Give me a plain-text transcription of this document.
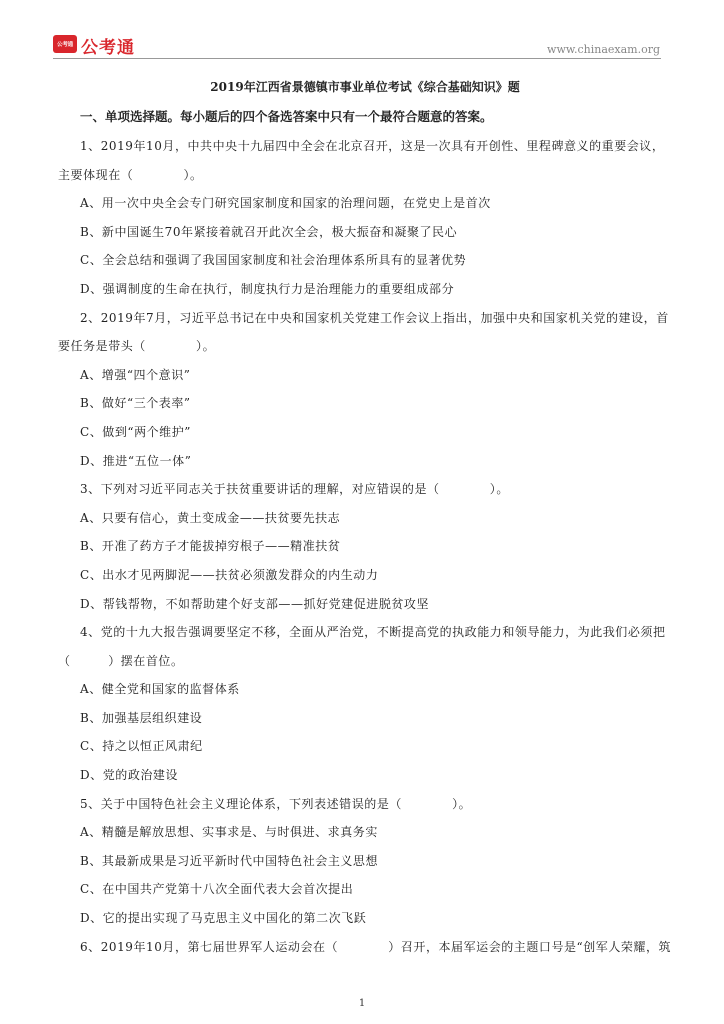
公考通 公考通	www.chinaexam.org

2019年江西省景德镇市事业单位考试《综合基础知识》题

一、单项选择题。每小题后的四个备选答案中只有一个最符合题意的答案。

1、2019年10月，中共中央十九届四中全会在北京召开，这是一次具有开创性、里程碑意义的重要会议，主要体现在（　　　　）。

A、用一次中央全会专门研究国家制度和国家的治理问题，在党史上是首次

B、新中国诞生70年紧接着就召开此次全会，极大振奋和凝聚了民心

C、全会总结和强调了我国国家制度和社会治理体系所具有的显著优势

D、强调制度的生命在执行，制度执行力是治理能力的重要组成部分

2、2019年7月，习近平总书记在中央和国家机关党建工作会议上指出，加强中央和国家机关党的建设，首要任务是带头（　　　　）。

A、增强“四个意识”

B、做好“三个表率”

C、做到“两个维护”

D、推进“五位一体”

3、下列对习近平同志关于扶贫重要讲话的理解，对应错误的是（　　　　）。

A、只要有信心，黄土变成金——扶贫要先扶志

B、开准了药方子才能拔掉穷根子——精准扶贫

C、出水才见两脚泥——扶贫必须激发群众的内生动力

D、帮钱帮物，不如帮助建个好支部——抓好党建促进脱贫攻坚

4、党的十九大报告强调要坚定不移，全面从严治党，不断提高党的执政能力和领导能力，为此我们必须把（　　　）摆在首位。

A、健全党和国家的监督体系

B、加强基层组织建设

C、持之以恒正风肃纪

D、党的政治建设

5、关于中国特色社会主义理论体系，下列表述错误的是（　　　　）。

A、精髓是解放思想、实事求是、与时俱进、求真务实

B、其最新成果是习近平新时代中国特色社会主义思想

C、在中国共产党第十八次全面代表大会首次提出

D、它的提出实现了马克思主义中国化的第二次飞跃

6、2019年10月，第七届世界军人运动会在（　　　　）召开，本届军运会的主题口号是“创军人荣耀，筑

1
